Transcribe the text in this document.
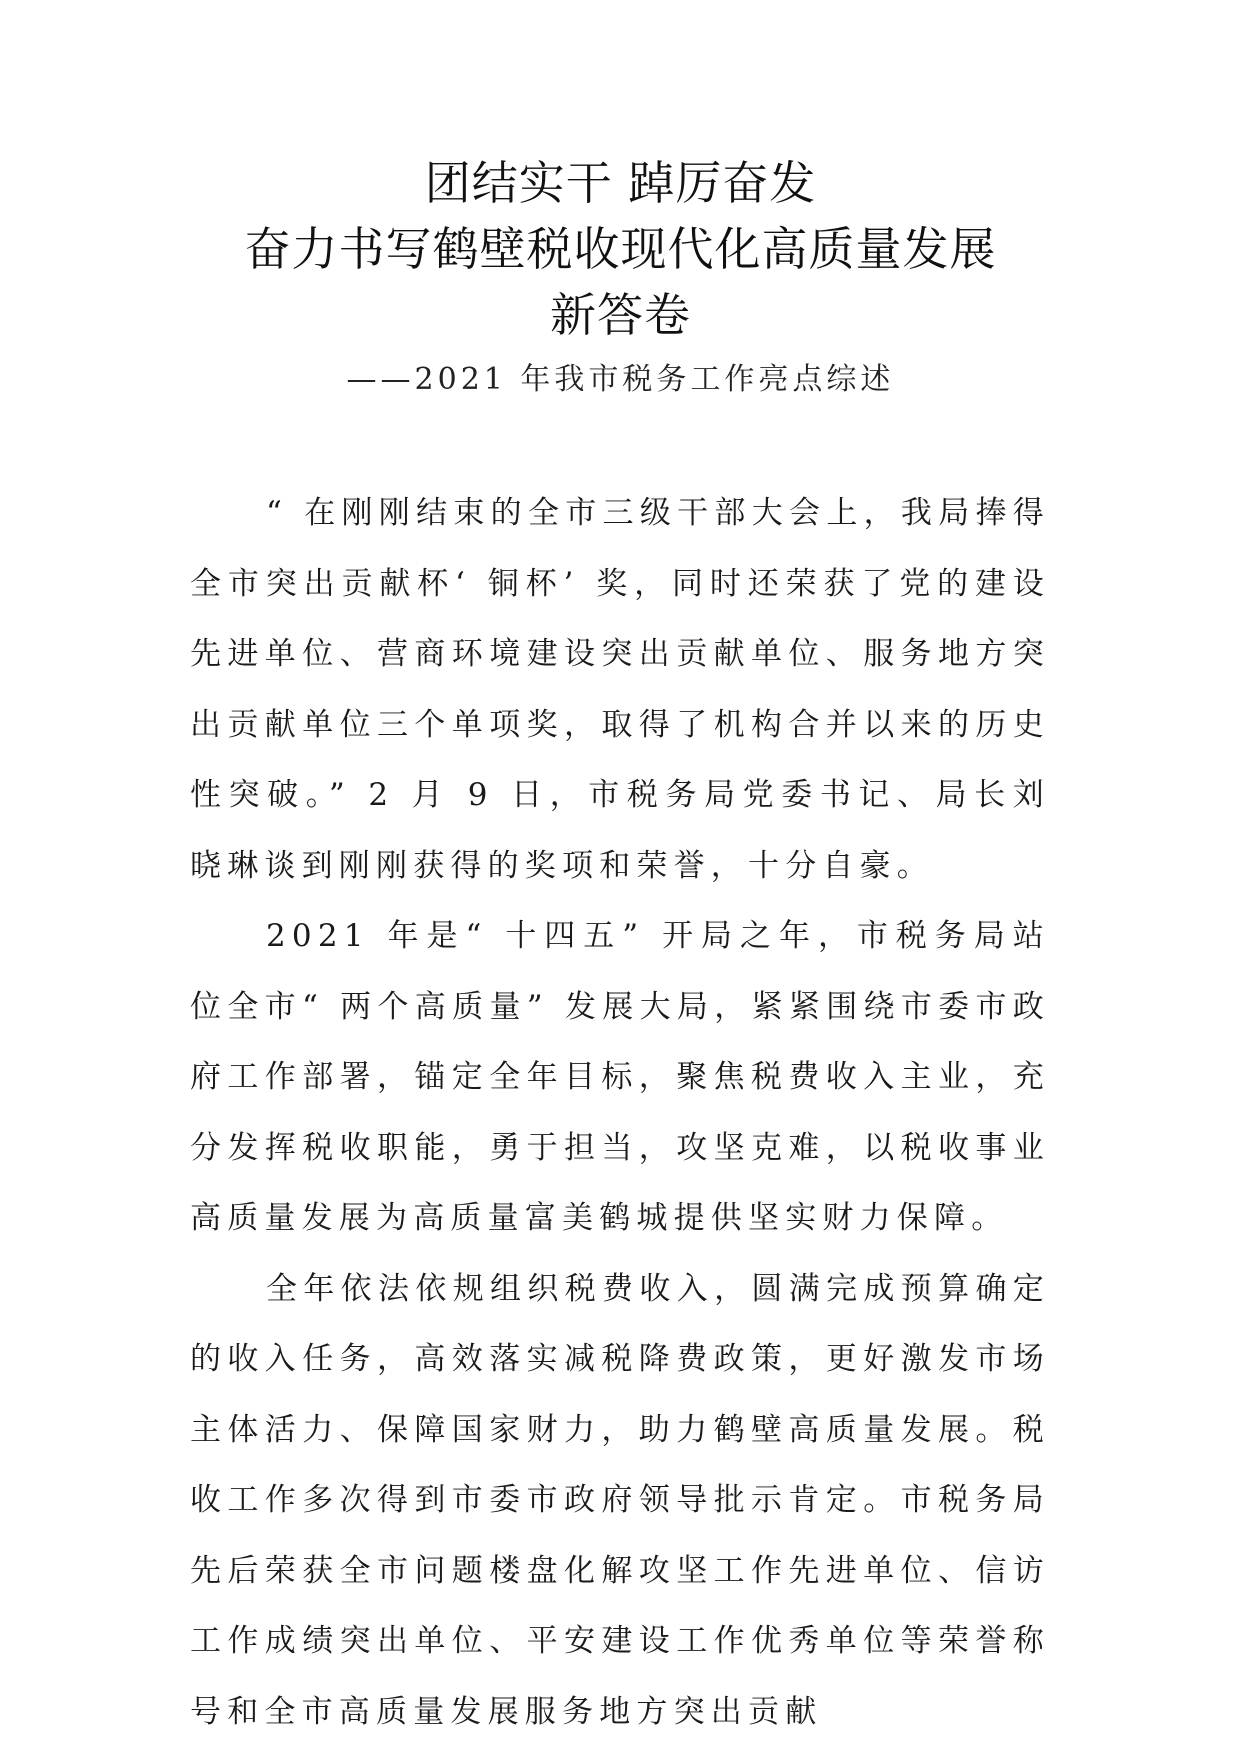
团结实干 踔厉奋发
奋力书写鹤壁税收现代化高质量发展
新答卷
——2021 年我市税务工作亮点综述

“ 在刚刚结束的全市三级干部大会上，我局捧得全市突出贡献杯‘ 铜杯’ 奖，同时还荣获了党的建设先进单位、营商环境建设突出贡献单位、服务地方突出贡献单位三个单项奖，取得了机构合并以来的历史性突破。” 2 月 9 日，市税务局党委书记、局长刘晓琳谈到刚刚获得的奖项和荣誉，十分自豪。

2021 年是“ 十四五” 开局之年，市税务局站位全市“ 两个高质量” 发展大局，紧紧围绕市委市政府工作部署，锚定全年目标，聚焦税费收入主业，充分发挥税收职能，勇于担当，攻坚克难，以税收事业高质量发展为高质量富美鹤城提供坚实财力保障。

全年依法依规组织税费收入，圆满完成预算确定的收入任务，高效落实减税降费政策，更好激发市场主体活力、保障国家财力，助力鹤壁高质量发展。税收工作多次得到市委市政府领导批示肯定。市税务局先后荣获全市问题楼盘化解攻坚工作先进单位、信访工作成绩突出单位、平安建设工作优秀单位等荣誉称号和全市高质量发展服务地方突出贡献
